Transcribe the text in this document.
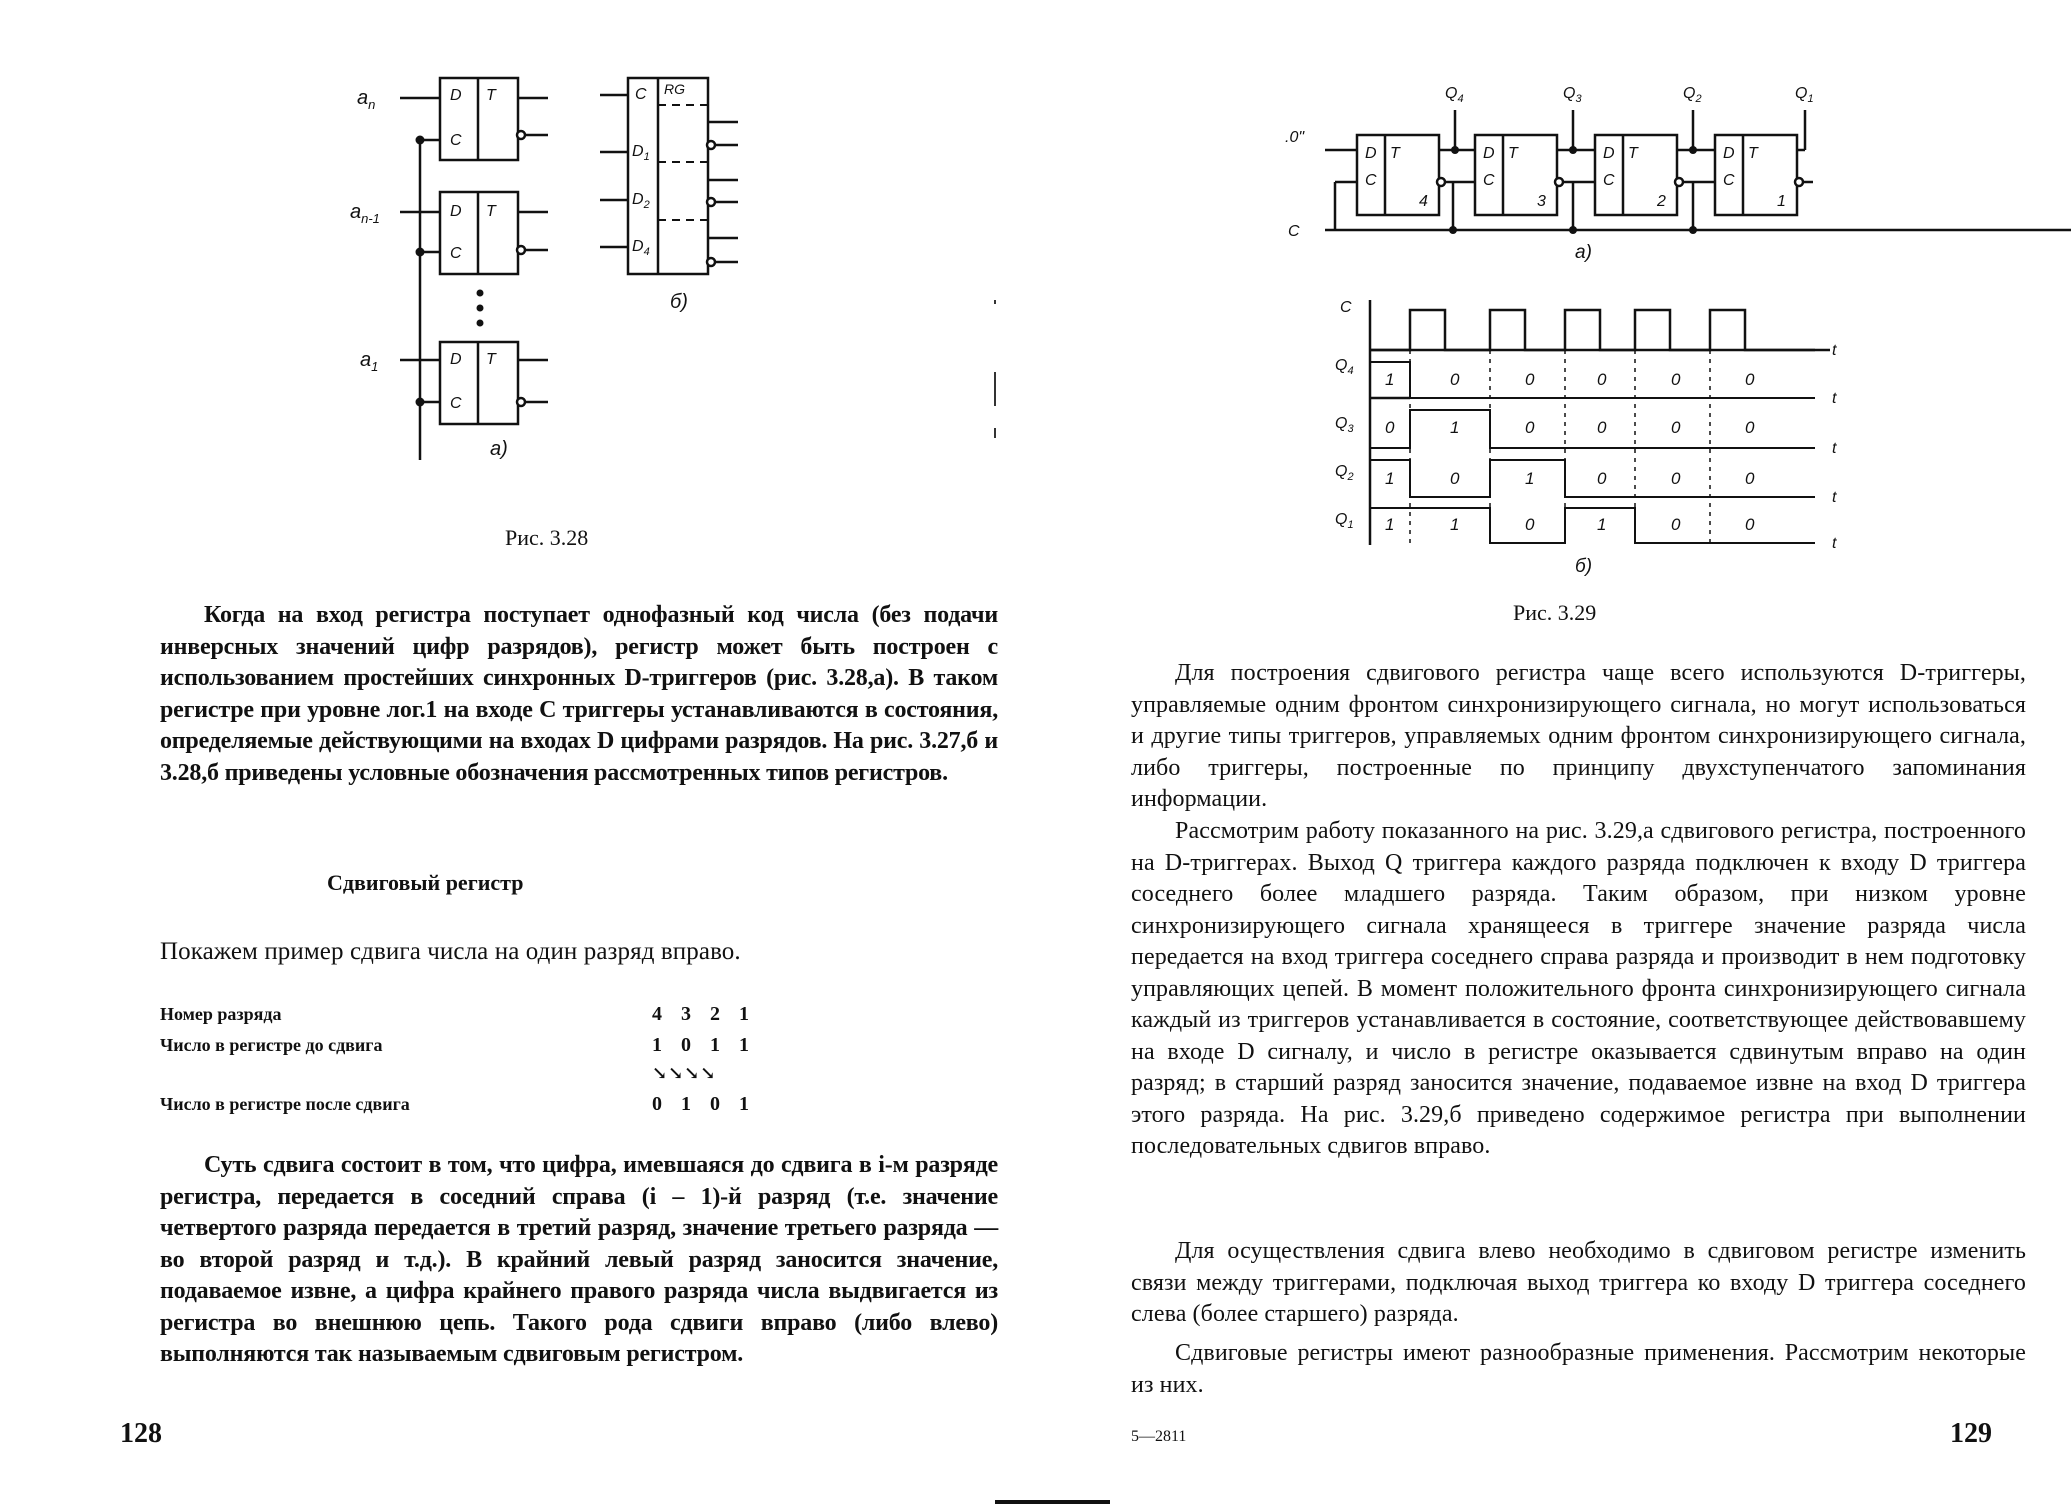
$a_n$
$a_{n-1}$
$a_1$
D T
C
D T
C
D T
C
C RG
$D_1$
$D_2$
$D_4$
а)
б)
Рис. 3.28

Когда на вход регистра поступает однофазный код числа (без подачи инверсных значений цифр разрядов), регистр может быть построен с использованием простейших синхронных D-триггеров (рис. 3.28,а). В таком регистре при уровне лог.1 на входе С триггеры устанавливаются в состояния, определяемые действующими на входах D цифрами разрядов. На рис. 3.27,б и 3.28,б приведены условные обозначения рассмотренных типов регистров.

Сдвиговый регистр
Покажем пример сдвига числа на один разряд вправо.
Номер разряда	4 3 2 1
Число в регистре до сдвига	1 0 1 1
↘↘↘↘
Число в регистре после сдвига	0 1 0 1

Суть сдвига состоит в том, что цифра, имевшаяся до сдвига в i-м разряде регистра, передается в соседний справа (i – 1)-й разряд (т.е. значение четвертого разряда передается в третий разряд, значение третьего разряда — во второй разряд и т.д.). В крайний левый разряд заносится значение, подаваемое извне, а цифра крайнего правого разряда числа выдвигается из регистра во внешнюю цепь. Такого рода сдвиги вправо (либо влево) выполняются так называемым сдвиговым регистром.

128
.0"
C
$Q_4$	$Q_3$	$Q_2$	$Q_1$
D T
C
4
D T
C
3
D T
C
2
D T
C
1
а)
C
$Q_4$
$Q_3$
$Q_2$
$Q_1$
t
t
t
t
t
б)
1	0	0	0	0	0
0	1	0	0	0	0
1	0	1	0	0	0
1	1	0	1	0	0
Рис. 3.29

Для построения сдвигового регистра чаще всего используются D-триггеры, управляемые одним фронтом синхронизирующего сигнала, но могут использоваться и другие типы триггеров, управляемых одним фронтом синхронизирующего сигнала, либо триггеры, построенные по принципу двухступенчатого запоминания информации.

Рассмотрим работу показанного на рис. 3.29,а сдвигового регистра, построенного на D-триггерах. Выход Q триггера каждого разряда подключен к входу D триггера соседнего более младшего разряда. Таким образом, при низком уровне синхронизирующего сигнала хранящееся в триггере значение разряда числа передается на вход триггера соседнего справа разряда и производит в нем подготовку управляющих цепей. В момент положительного фронта синхронизирующего сигнала каждый из триггеров устанавливается в состояние, соответствующее действовавшему на входе D сигналу, и число в регистре оказывается сдвинутым вправо на один разряд; в старший разряд заносится значение, подаваемое извне на вход D триггера этого разряда. На рис. 3.29,б приведено содержимое регистра при выполнении последовательных сдвигов вправо.

Для осуществления сдвига влево необходимо в сдвиговом регистре изменить связи между триггерами, подключая выход триггера ко входу D триггера соседнего слева (более старшего) разряда.

Сдвиговые регистры имеют разнообразные применения. Рассмотрим некоторые из них.

5—2811	129
